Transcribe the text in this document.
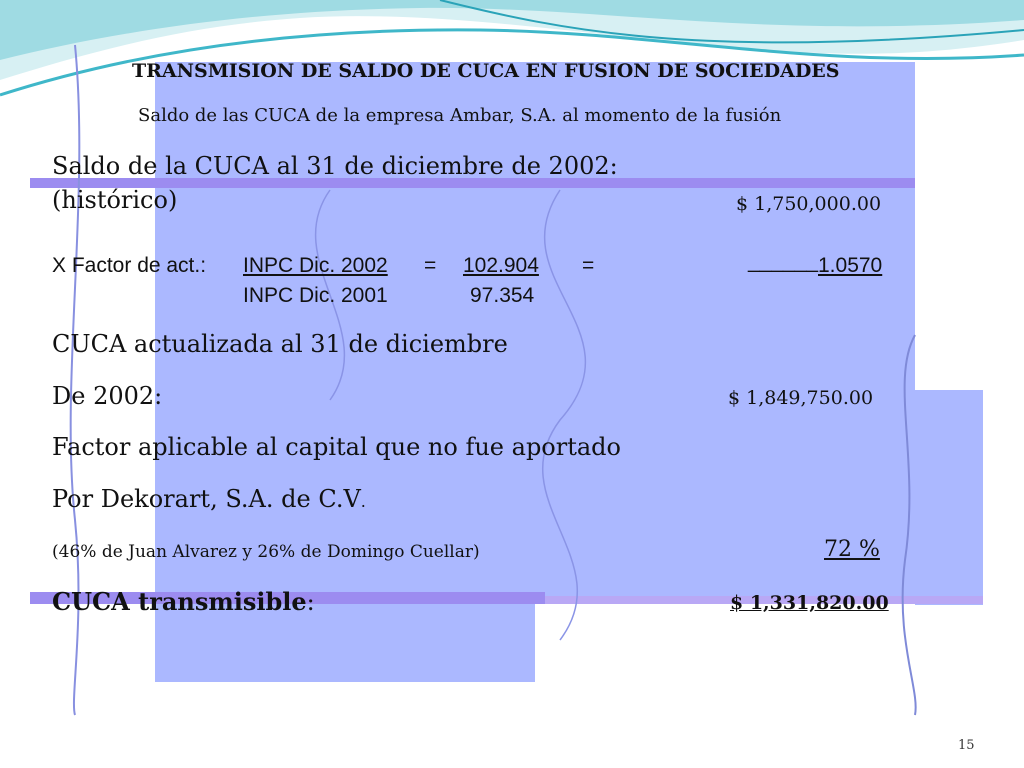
TRANSMISION DE SALDO DE CUCA EN FUSION DE SOCIEDADES
Saldo de las CUCA de la empresa Ambar, S.A. al momento de la fusión
Saldo de la CUCA al 31 de diciembre de 2002:
(histórico)	$ 1,750,000.00
X Factor de act.: INPC Dic. 2002 = 102.904 =	______ 1.0570
INPC Dic. 2001	97.354
CUCA actualizada al 31 de diciembre
De 2002:	$ 1,849,750.00
Factor aplicable al capital que no fue aportado
Por Dekorart, S.A. de C.V.
(46% de Juan Alvarez y 26% de Domingo Cuellar)	72 %
CUCA transmisible:	$ 1,331,820.00
15
